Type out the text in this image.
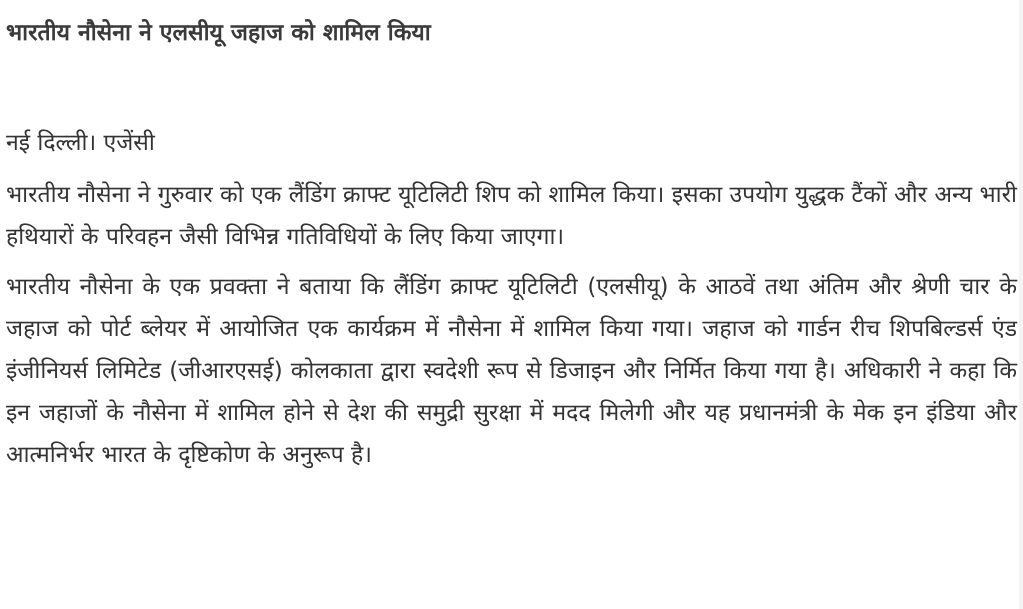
भारतीय नौसेना ने एलसीयू जहाज को शामिल किया

नई दिल्ली। एजेंसी

भारतीय नौसेना ने गुरुवार को एक लैंडिंग क्राफ्ट यूटिलिटी शिप को शामिल किया। इसका उपयोग युद्धक टैंकों और अन्य भारी हथियारों के परिवहन जैसी विभिन्न गतिविधियों के लिए किया जाएगा।

भारतीय नौसेना के एक प्रवक्ता ने बताया कि लैंडिंग क्राफ्ट यूटिलिटी (एलसीयू) के आठवें तथा अंतिम और श्रेणी चार के जहाज को पोर्ट ब्लेयर में आयोजित एक कार्यक्रम में नौसेना में शामिल किया गया। जहाज को गार्डन रीच शिपबिल्डर्स एंड इंजीनियर्स लिमिटेड (जीआरएसई) कोलकाता द्वारा स्वदेशी रूप से डिजाइन और निर्मित किया गया है। अधिकारी ने कहा कि इन जहाजों के नौसेना में शामिल होने से देश की समुद्री सुरक्षा में मदद मिलेगी और यह प्रधानमंत्री के मेक इन इंडिया और आत्मनिर्भर भारत के दृष्टिकोण के अनुरूप है।
